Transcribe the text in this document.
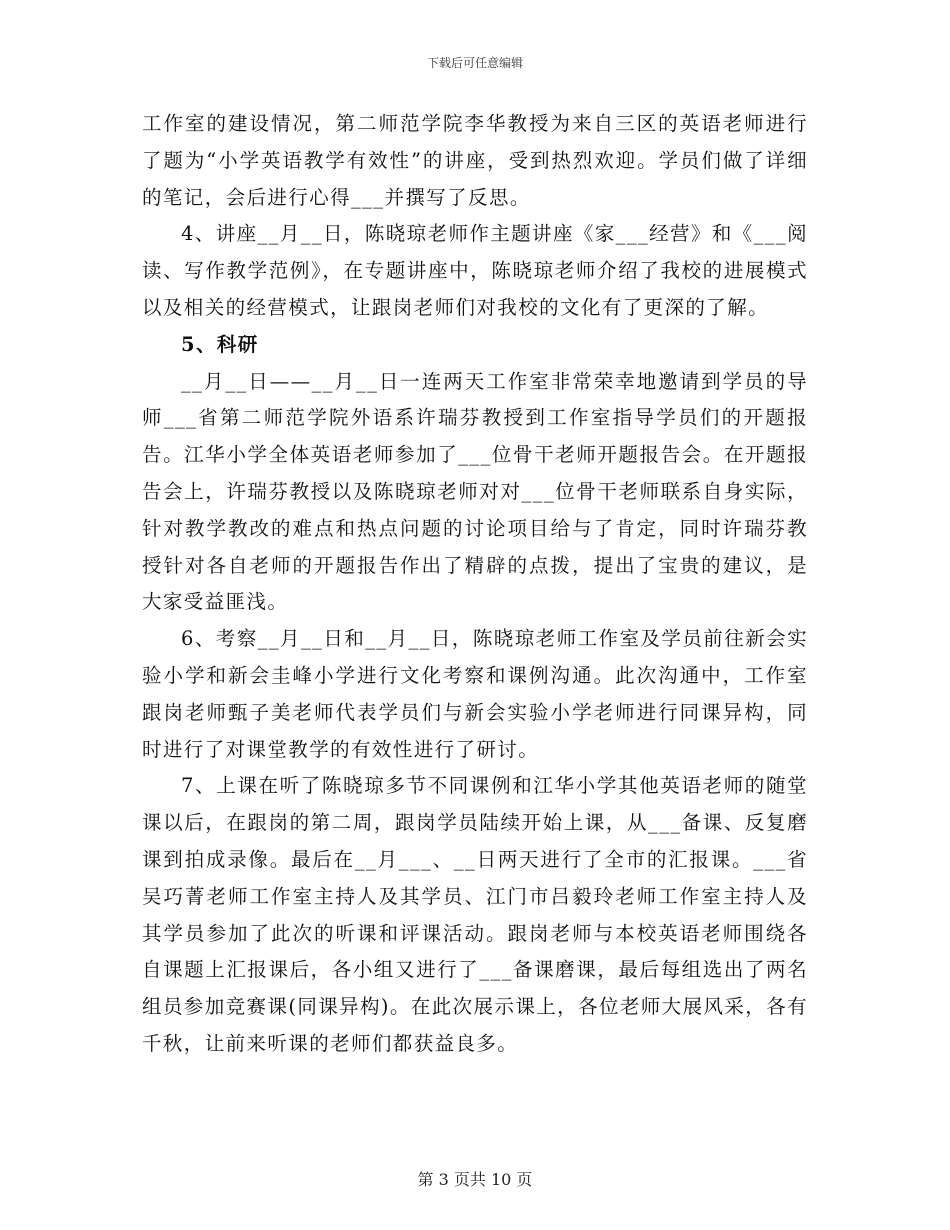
下载后可任意编辑

工作室的建设情况，第二师范学院李华教授为来自三区的英语老师进行了题为“小学英语教学有效性”的讲座，受到热烈欢迎。学员们做了详细的笔记，会后进行心得___并撰写了反思。

4、讲座__月__日，陈晓琼老师作主题讲座《家___经营》和《___阅读、写作教学范例》，在专题讲座中，陈晓琼老师介绍了我校的进展模式以及相关的经营模式，让跟岗老师们对我校的文化有了更深的了解。

5、科研

__月__日——__月__日一连两天工作室非常荣幸地邀请到学员的导师___省第二师范学院外语系许瑞芬教授到工作室指导学员们的开题报告。江华小学全体英语老师参加了___位骨干老师开题报告会。在开题报告会上，许瑞芬教授以及陈晓琼老师对对___位骨干老师联系自身实际，针对教学教改的难点和热点问题的讨论项目给与了肯定，同时许瑞芬教授针对各自老师的开题报告作出了精辟的点拨，提出了宝贵的建议，是大家受益匪浅。

6、考察__月__日和__月__日，陈晓琼老师工作室及学员前往新会实验小学和新会圭峰小学进行文化考察和课例沟通。此次沟通中，工作室跟岗老师甄子美老师代表学员们与新会实验小学老师进行同课异构，同时进行了对课堂教学的有效性进行了研讨。

7、上课在听了陈晓琼多节不同课例和江华小学其他英语老师的随堂课以后，在跟岗的第二周，跟岗学员陆续开始上课，从___备课、反复磨课到拍成录像。最后在__月___、__日两天进行了全市的汇报课。___省吴巧菁老师工作室主持人及其学员、江门市吕毅玲老师工作室主持人及其学员参加了此次的听课和评课活动。跟岗老师与本校英语老师围绕各自课题上汇报课后，各小组又进行了___备课磨课，最后每组选出了两名组员参加竞赛课(同课异构)。在此次展示课上，各位老师大展风采，各有千秋，让前来听课的老师们都获益良多。

第 3 页共 10 页
